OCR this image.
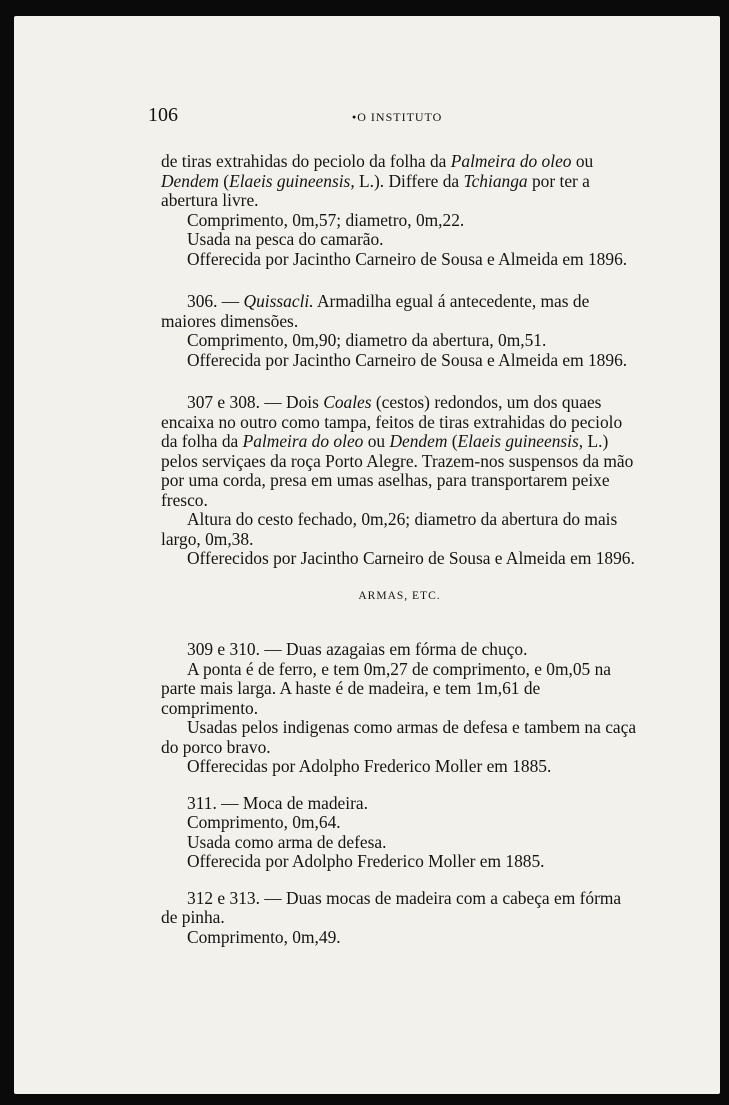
106
●	O INSTITUTO

de tiras extrahidas do peciolo da folha da Palmeira do oleo ou Dendem (Elaeis guineensis, L.). Differe da Tchianga por ter a abertura livre.

Comprimento, 0m,57; diametro, 0m,22.

Usada na pesca do camarão.

Offerecida por Jacintho Carneiro de Sousa e Almeida em 1896.

306. — Quissacli. Armadilha egual á antecedente, mas de maiores dimensões.

Comprimento, 0m,90; diametro da abertura, 0m,51.

Offerecida por Jacintho Carneiro de Sousa e Almeida em 1896.

307 e 308. — Dois Coales (cestos) redondos, um dos quaes encaixa no outro como tampa, feitos de tiras extrahidas do peciolo da folha da Palmeira do oleo ou Dendem (Elaeis guineensis, L.) pelos serviçaes da roça Porto Alegre. Trazem-nos suspensos da mão por uma corda, presa em umas aselhas, para transportarem peixe fresco.

Altura do cesto fechado, 0m,26; diametro da abertura do mais largo, 0m,38.

Offerecidos por Jacintho Carneiro de Sousa e Almeida em 1896.

ARMAS, ETC.

309 e 310. — Duas azagaias em fórma de chuço.

A ponta é de ferro, e tem 0m,27 de comprimento, e 0m,05 na parte mais larga. A haste é de madeira, e tem 1m,61 de comprimento.

Usadas pelos indigenas como armas de defesa e tambem na caça do porco bravo.

Offerecidas por Adolpho Frederico Moller em 1885.

311. — Moca de madeira.

Comprimento, 0m,64.

Usada como arma de defesa.

Offerecida por Adolpho Frederico Moller em 1885.

312 e 313. — Duas mocas de madeira com a cabeça em fórma de pinha.

Comprimento, 0m,49.
